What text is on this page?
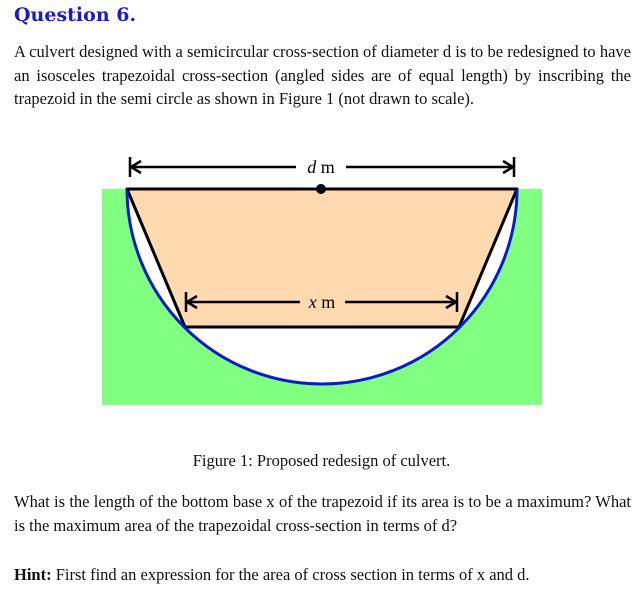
Question 6.
A culvert designed with a semicircular cross-section of diameter d is to be redesigned to have an isosceles trapezoidal cross-section (angled sides are of equal length) by inscribing the trapezoid in the semi circle as shown in Figure 1 (not drawn to scale).
d m
x m
Figure 1: Proposed redesign of culvert.
What is the length of the bottom base x of the trapezoid if its area is to be a maximum? What is the maximum area of the trapezoidal cross-section in terms of d?
Hint: First find an expression for the area of cross section in terms of x and d.
